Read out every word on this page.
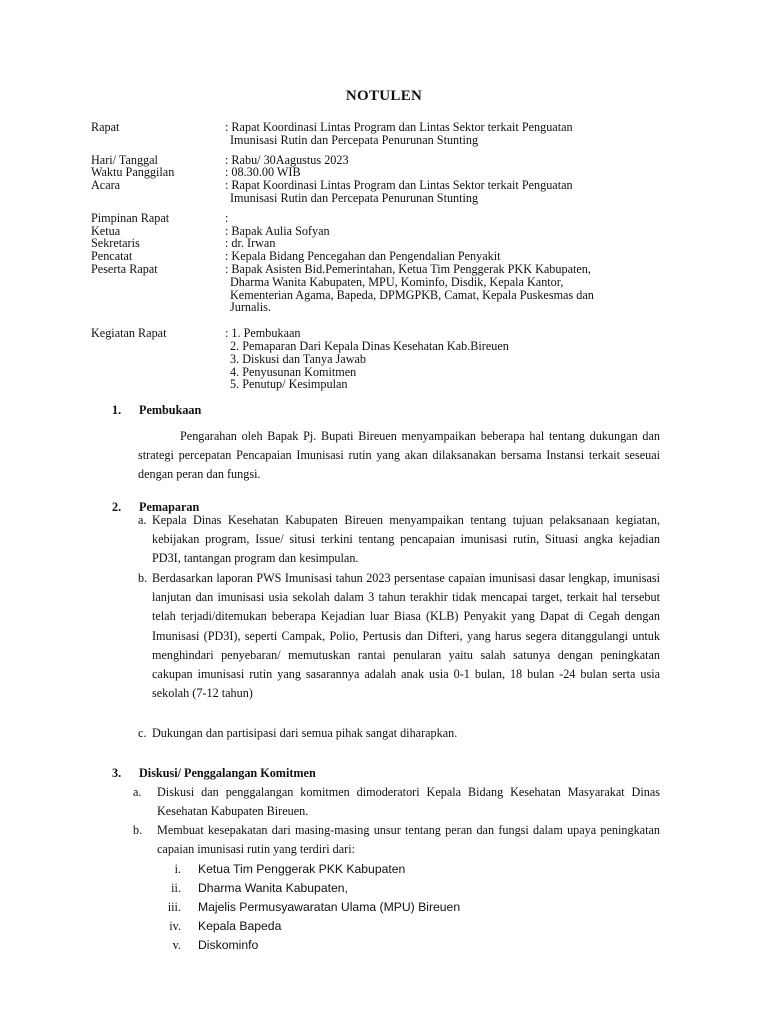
NOTULEN
Rapat	: Rapat Koordinasi Lintas Program dan Lintas Sektor terkait Penguatan
Imunisasi Rutin dan Percepata Penurunan Stunting
Hari/ Tanggal	: Rabu/ 30Aagustus 2023
Waktu Panggilan	: 08.30.00 WIB
Acara	: Rapat Koordinasi Lintas Program dan Lintas Sektor terkait Penguatan
Imunisasi Rutin dan Percepata Penurunan Stunting
Pimpinan Rapat	:
Ketua	: Bapak Aulia Sofyan
Sekretaris	: dr. Irwan
Pencatat	: Kepala Bidang Pencegahan dan Pengendalian Penyakit
Peserta Rapat	: Bapak Asisten Bid.Pemerintahan, Ketua Tim Penggerak PKK Kabupaten,
Dharma Wanita Kabupaten, MPU, Kominfo, Disdik, Kepala Kantor,
Kementerian Agama, Bapeda, DPMGPKB, Camat, Kepala Puskesmas dan
Jurnalis.
Kegiatan Rapat	: 1. Pembukaan
2. Pemaparan Dari Kepala Dinas Kesehatan Kab.Bireuen
3. Diskusi dan Tanya Jawab
4. Penyusunan Komitmen
5. Penutup/ Kesimpulan
1. Pembukaan
Pengarahan oleh Bapak Pj. Bupati Bireuen menyampaikan beberapa hal tentang dukungan dan strategi percepatan Pencapaian Imunisasi rutin yang akan dilaksanakan bersama Instansi terkait seseuai dengan peran dan fungsi.
2. Pemaparan
a. Kepala Dinas Kesehatan Kabupaten Bireuen menyampaikan tentang tujuan pelaksanaan kegiatan, kebijakan program, Issue/ situsi terkini tentang pencapaian imunisasi rutin, Situasi angka kejadian PD3I, tantangan program dan kesimpulan.
b. Berdasarkan laporan PWS Imunisasi tahun 2023 persentase capaian imunisasi dasar lengkap, imunisasi lanjutan dan imunisasi usia sekolah dalam 3 tahun terakhir tidak mencapai target, terkait hal tersebut telah terjadi/ditemukan beberapa Kejadian luar Biasa (KLB) Penyakit yang Dapat di Cegah dengan Imunisasi (PD3I), seperti Campak, Polio, Pertusis dan Difteri, yang harus segera ditanggulangi untuk menghindari penyebaran/ memutuskan rantai penularan yaitu salah satunya dengan peningkatan cakupan imunisasi rutin yang sasarannya adalah anak usia 0-1 bulan, 18 bulan -24 bulan serta usia sekolah (7-12 tahun)
c. Dukungan dan partisipasi dari semua pihak sangat diharapkan.
3. Diskusi/ Penggalangan Komitmen
a. Diskusi dan penggalangan komitmen dimoderatori Kepala Bidang Kesehatan Masyarakat Dinas Kesehatan Kabupaten Bireuen.
b. Membuat kesepakatan dari masing-masing unsur tentang peran dan fungsi dalam upaya peningkatan capaian imunisasi rutin yang terdiri dari:
i. Ketua Tim Penggerak PKK Kabupaten
ii. Dharma Wanita Kabupaten,
iii. Majelis Permusyawaratan Ulama (MPU) Bireuen
iv. Kepala Bapeda
v. Diskominfo
